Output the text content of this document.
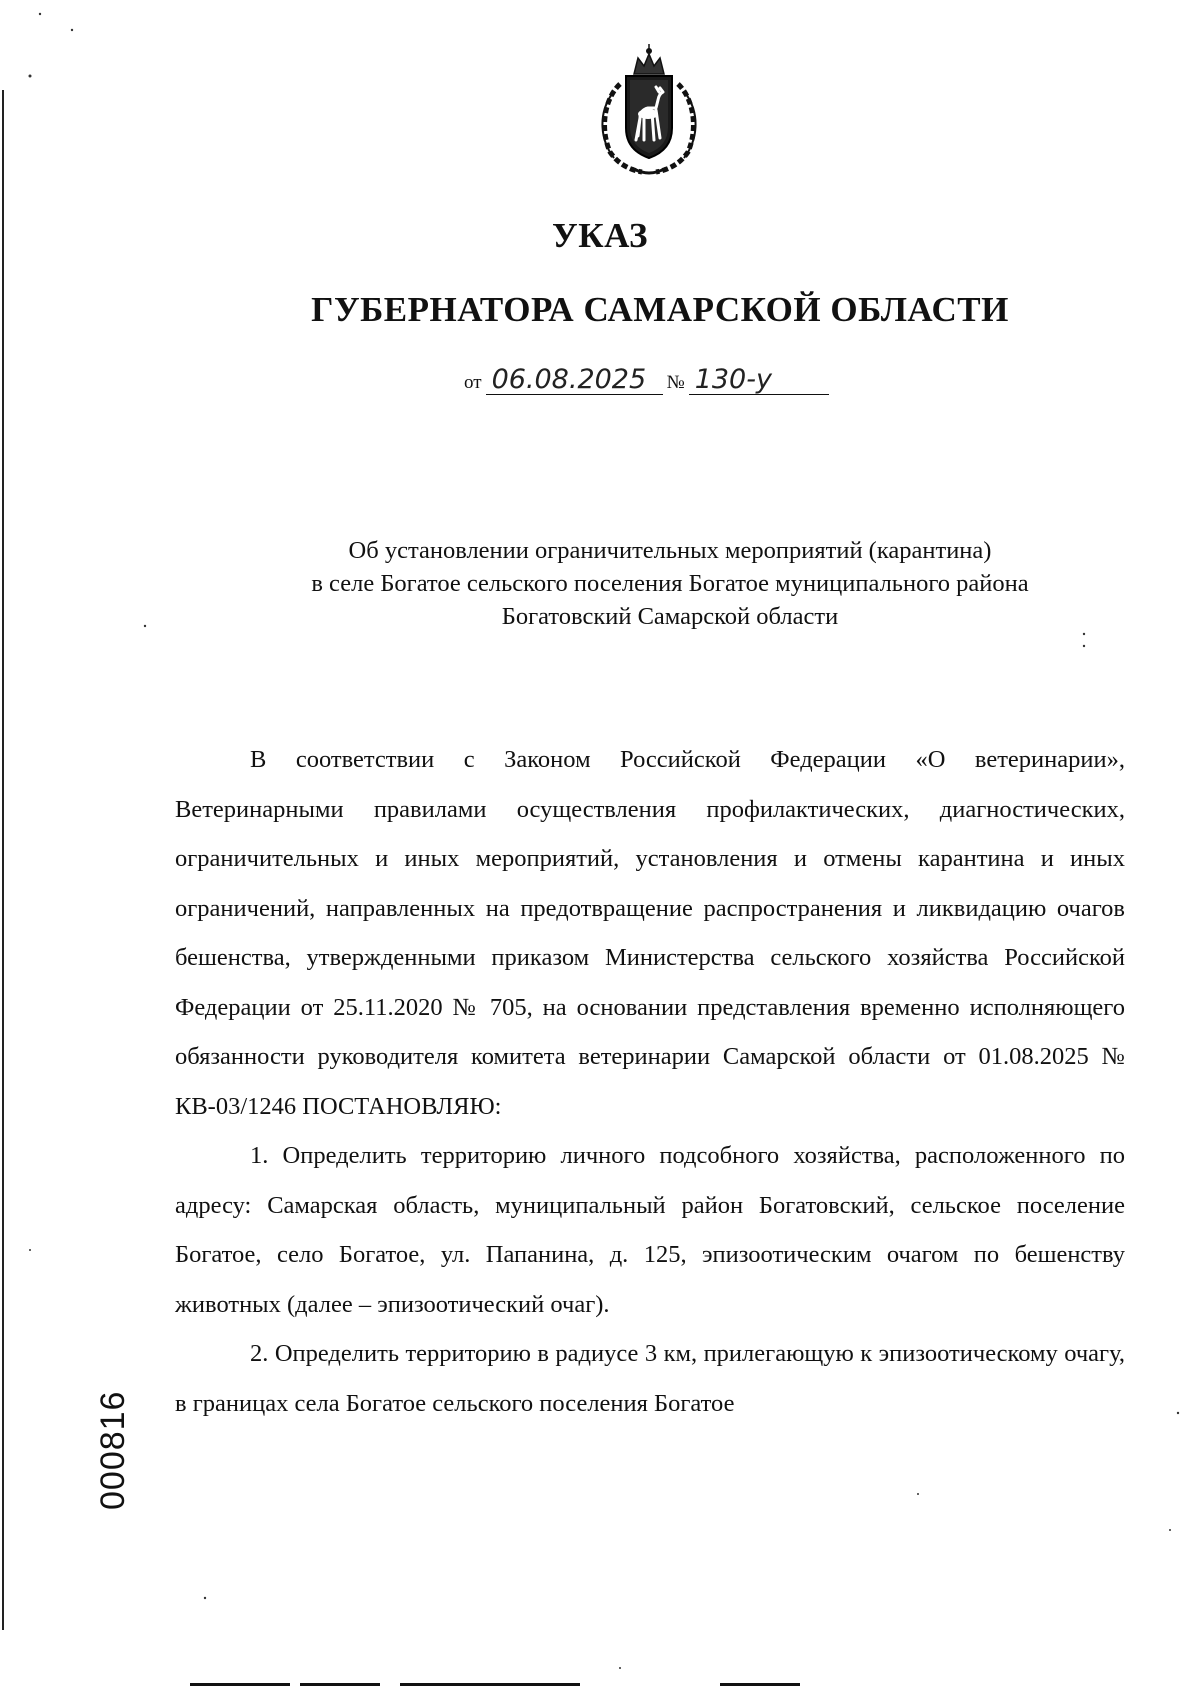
УКАЗ
ГУБЕРНАТОРА САМАРСКОЙ ОБЛАСТИ
от 06.08.2025	№ 130-у
Об установлении ограничительных мероприятий (карантина)
в селе Богатое сельского поселения Богатое муниципального района
Богатовский Самарской области

В соответствии с Законом Российской Федерации «О ветеринарии», Ветеринарными правилами осуществления профилактических, диагностических, ограничительных и иных мероприятий, установления и отмены карантина и иных ограничений, направленных на предотвращение распространения и ликвидацию очагов бешенства, утвержденными приказом Министерства сельского хозяйства Российской Федерации от 25.11.2020 № 705, на основании представления временно исполняющего обязанности руководителя комитета ветеринарии Самарской области от 01.08.2025 № КВ-03/1246 ПОСТАНОВЛЯЮ:

1. Определить территорию личного подсобного хозяйства, расположенного по адресу: Самарская область, муниципальный район Богатовский, сельское поселение Богатое, село Богатое, ул. Папанина, д. 125, эпизоотическим очагом по бешенству животных (далее – эпизоотический очаг).

2. Определить территорию в радиусе 3 км, прилегающую к эпизоотическому очагу, в границах села Богатое сельского поселения Богатое

000816
